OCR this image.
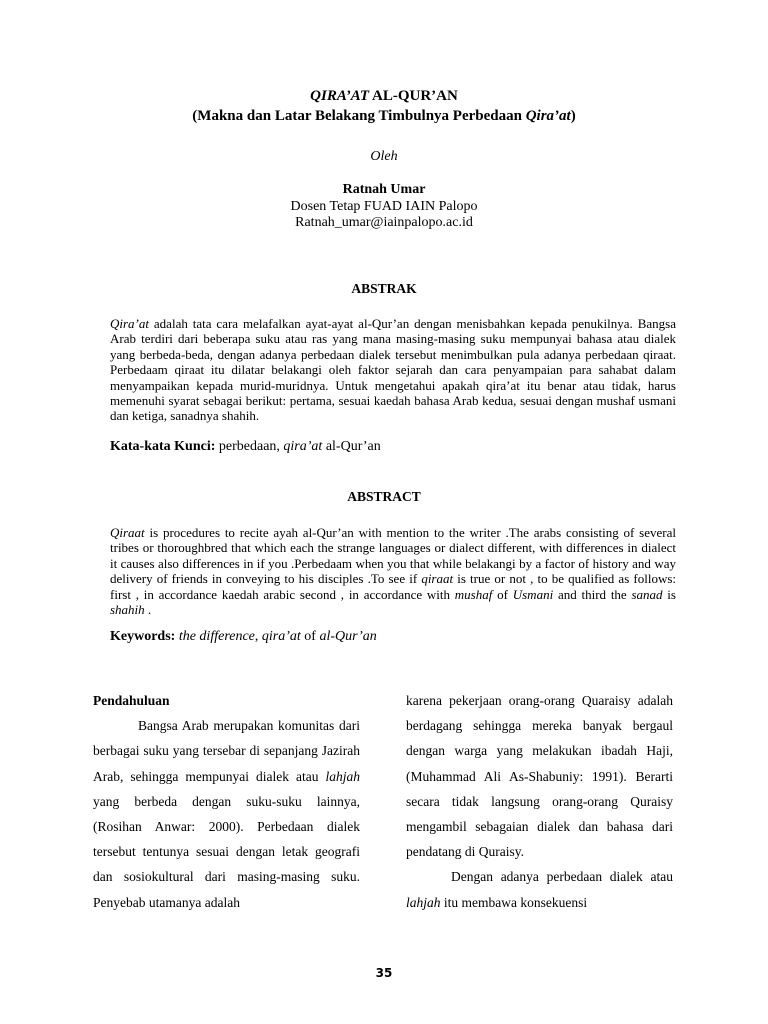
QIRA’AT AL-QUR’AN
(Makna dan Latar Belakang Timbulnya Perbedaan Qira’at)
Oleh
Ratnah Umar
Dosen Tetap FUAD IAIN Palopo
Ratnah_umar@iainpalopo.ac.id
ABSTRAK
Qira’at adalah tata cara melafalkan ayat-ayat al-Qur’an dengan menisbahkan kepada penukilnya. Bangsa Arab terdiri dari beberapa suku atau ras yang mana masing-masing suku mempunyai bahasa atau dialek yang berbeda-beda, dengan adanya perbedaan dialek tersebut menimbulkan pula adanya perbedaan qiraat. Perbedaam qiraat itu dilatar belakangi oleh faktor sejarah dan cara penyampaian para sahabat dalam menyampaikan kepada murid-muridnya. Untuk mengetahui apakah qira’at itu benar atau tidak, harus memenuhi syarat sebagai berikut: pertama, sesuai kaedah bahasa Arab kedua, sesuai dengan mushaf usmani dan ketiga, sanadnya shahih.
Kata-kata Kunci: perbedaan, qira’at al-Qur’an
ABSTRACT
Qiraat is procedures to recite ayah al-Qur’an with mention to the writer .The arabs consisting of several tribes or thoroughbred that which each the strange languages or dialect different, with differences in dialect it causes also differences in if you .Perbedaam when you that while belakangi by a factor of history and way delivery of friends in conveying to his disciples .To see if qiraat is true or not , to be qualified as follows: first , in accordance kaedah arabic second , in accordance with mushaf of Usmani and third the sanad is shahih .
Keywords: the difference, qira’at of al-Qur’an

Pendahuluan

Bangsa Arab merupakan komunitas dari berbagai suku yang tersebar di sepanjang Jazirah Arab, sehingga mempunyai dialek atau lahjah yang berbeda dengan suku-suku lainnya, (Rosihan Anwar: 2000). Perbedaan dialek tersebut tentunya sesuai dengan letak geografi dan sosiokultural dari masing-masing suku. Penyebab utamanya adalah

karena pekerjaan orang-orang Quaraisy adalah berdagang sehingga mereka banyak bergaul dengan warga yang melakukan ibadah Haji, (Muhammad Ali As-Shabuniy: 1991). Berarti secara tidak langsung orang-orang Quraisy mengambil sebagaian dialek dan bahasa dari pendatang di Quraisy.

Dengan adanya perbedaan dialek atau lahjah itu membawa konsekuensi

35
